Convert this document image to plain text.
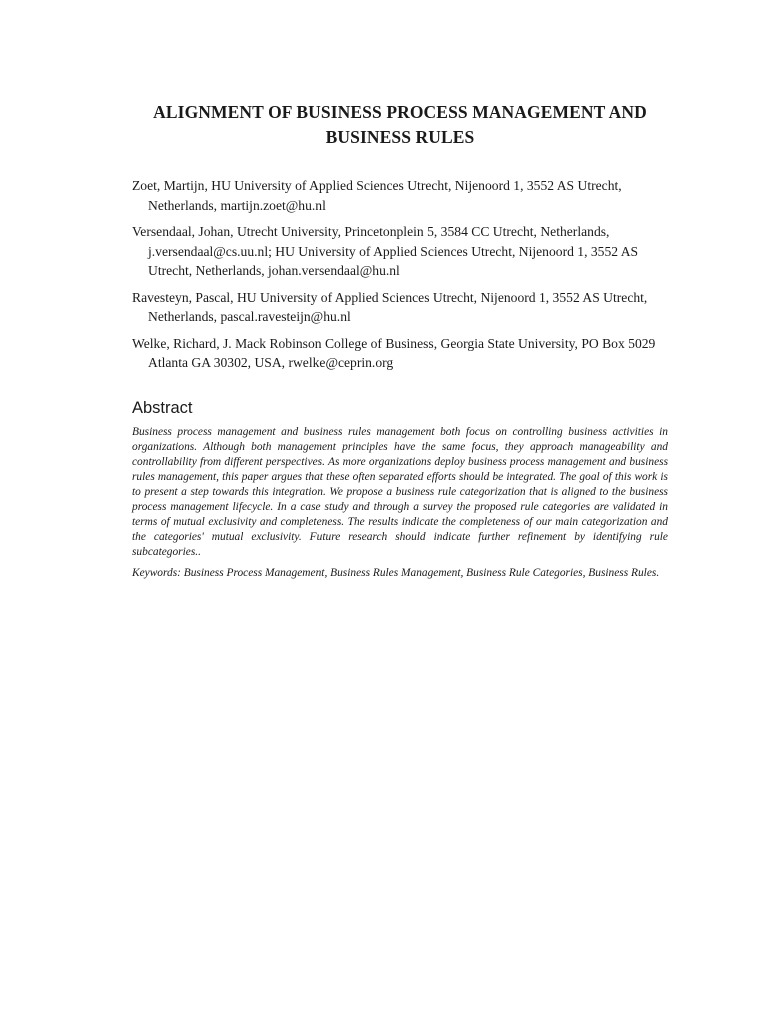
ALIGNMENT OF BUSINESS PROCESS MANAGEMENT AND
BUSINESS RULES

Zoet, Martijn, HU University of Applied Sciences Utrecht, Nijenoord 1, 3552 AS Utrecht, Netherlands, martijn.zoet@hu.nl

Versendaal, Johan, Utrecht University, Princetonplein 5, 3584 CC Utrecht, Netherlands, j.versendaal@cs.uu.nl; HU University of Applied Sciences Utrecht, Nijenoord 1, 3552 AS Utrecht, Netherlands, johan.versendaal@hu.nl

Ravesteyn, Pascal, HU University of Applied Sciences Utrecht, Nijenoord 1, 3552 AS Utrecht, Netherlands, pascal.ravesteijn@hu.nl

Welke, Richard, J. Mack Robinson College of Business, Georgia State University, PO Box 5029 Atlanta GA 30302, USA, rwelke@ceprin.org

Abstract

Business process management and business rules management both focus on controlling business activities in organizations. Although both management principles have the same focus, they approach manageability and controllability from different perspectives. As more organizations deploy business process management and business rules management, this paper argues that these often separated efforts should be integrated. The goal of this work is to present a step towards this integration. We propose a business rule categorization that is aligned to the business process management lifecycle. In a case study and through a survey the proposed rule categories are validated in terms of mutual exclusivity and completeness. The results indicate the completeness of our main categorization and the categories' mutual exclusivity. Future research should indicate further refinement by identifying rule subcategories..

Keywords: Business Process Management, Business Rules Management, Business Rule Categories, Business Rules.
